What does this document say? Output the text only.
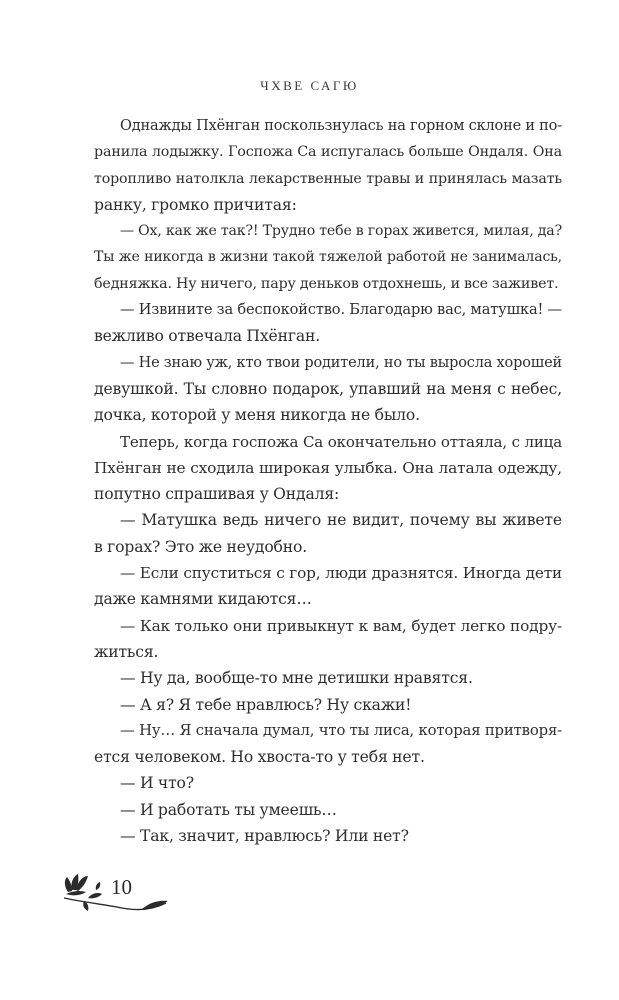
ЧХВЕ САГЮ

Однажды Пхёнган поскользнулась на горном склоне и по-
ранила лодыжку. Госпожа Са испугалась больше Ондаля. Она
торопливо натолкла лекарственные травы и принялась мазать
ранку, громко причитая:

— Ох, как же так?! Трудно тебе в горах живется, милая, да?
Ты же никогда в жизни такой тяжелой работой не занималась,
бедняжка. Ну ничего, пару деньков отдохнешь, и все заживет.

— Извините за беспокойство. Благодарю вас, матушка! —
вежливо отвечала Пхёнган.

— Не знаю уж, кто твои родители, но ты выросла хорошей
девушкой. Ты словно подарок, упавший на меня с небес,
дочка, которой у меня никогда не было.

Теперь, когда госпожа Са окончательно оттаяла, с лица
Пхёнган не сходила широкая улыбка. Она латала одежду,
попутно спрашивая у Ондаля:

— Матушка ведь ничего не видит, почему вы живете
в горах? Это же неудобно.

— Если спуститься с гор, люди дразнятся. Иногда дети
даже камнями кидаются…

— Как только они привыкнут к вам, будет легко подру-
житься.

— Ну да, вообще-то мне детишки нравятся.

— А я? Я тебе нравлюсь? Ну скажи!

— Ну… Я сначала думал, что ты лиса, которая притворя-
ется человеком. Но хвоста-то у тебя нет.

— И что?

— И работать ты умеешь…

— Так, значит, нравлюсь? Или нет?

10
